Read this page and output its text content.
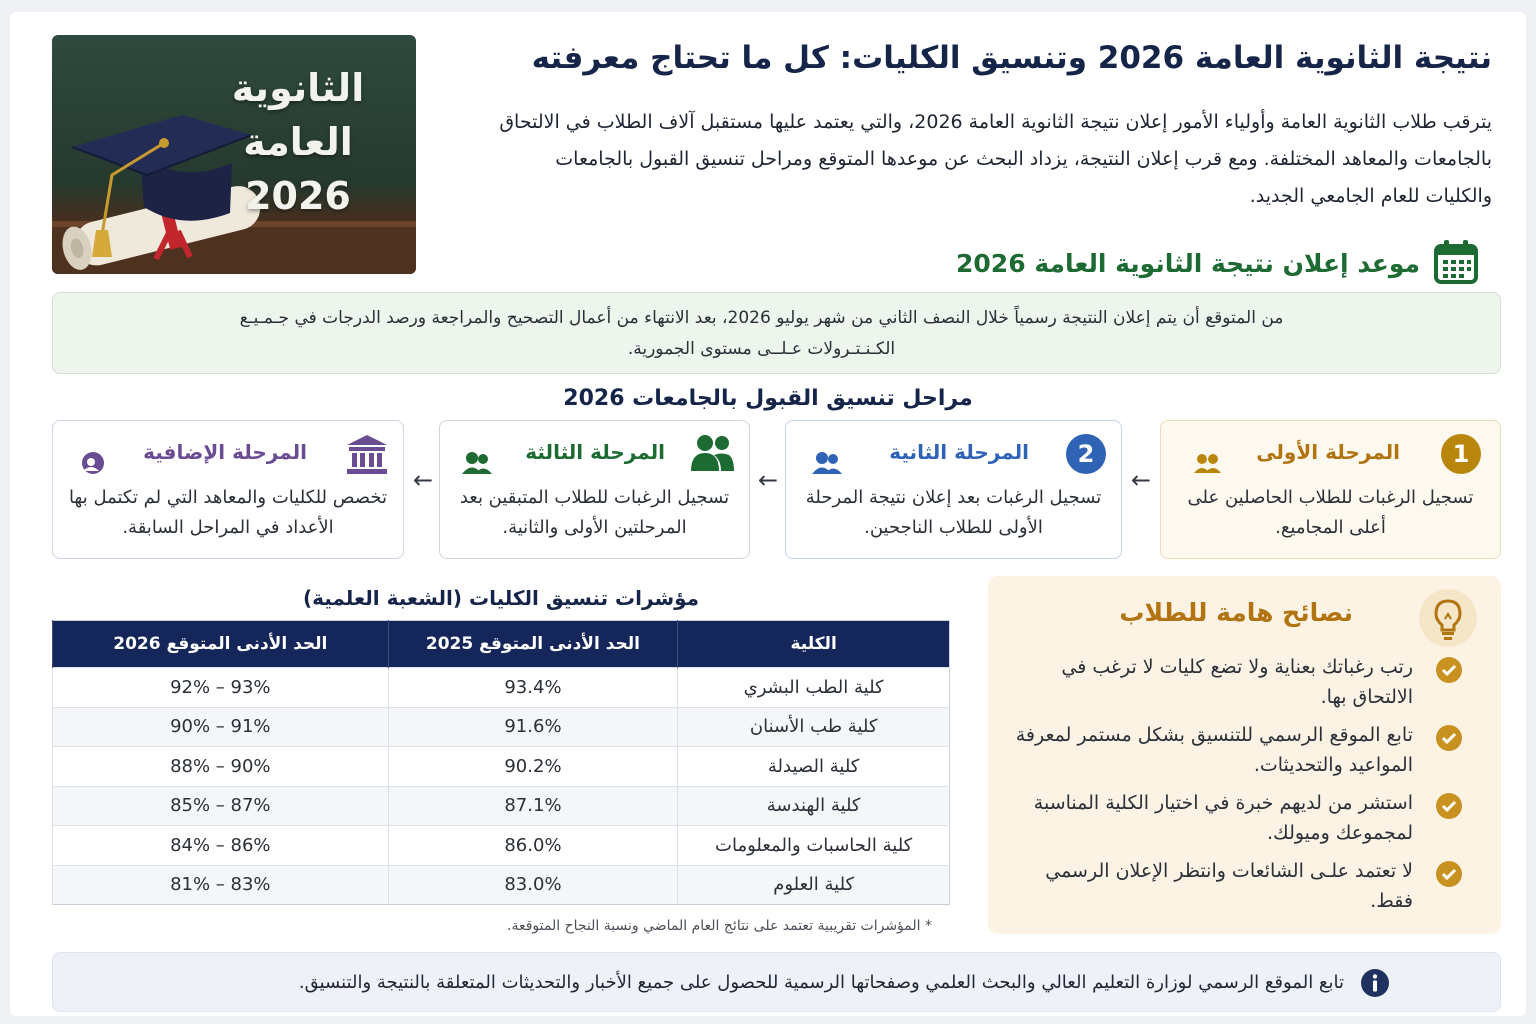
الثانوية
العامة
2026
نتيجة الثانوية العامة 2026 وتنسيق الكليات: كل ما تحتاج معرفته

يترقب طلاب الثانوية العامة وأولياء الأمور إعلان نتيجة الثانوية العامة 2026، والتي يعتمد عليها مستقبل آلاف الطلاب في الالتحاق بالجامعات والمعاهد المختلفة. ومع قرب إعلان النتيجة، يزداد البحث عن موعدها المتوقع ومراحل تنسيق القبول بالجامعات والكليات للعام الجامعي الجديد.

موعد إعلان نتيجة الثانوية العامة 2026
من المتوقع أن يتم إعلان النتيجة رسمياً خلال النصف الثاني من شهر يوليو 2026، بعد الانتهاء من أعمال التصحيح والمراجعة ورصد الدرجات في جـمـيـع الكـنـتـرولات عـلــى مستوى الجمورية.
مراحل تنسيق القبول بالجامعات 2026
1
المرحلة الأولى
تسجيل الرغبات للطلاب الحاصلين على أعلى المجاميع.
←
2
المرحلة الثانية
تسجيل الرغبات بعد إعلان نتيجة المرحلة الأولى للطلاب الناجحين.
←
المرحلة الثالثة
تسجيل الرغبات للطلاب المتبقين بعد المرحلتين الأولى والثانية.
←
المرحلة الإضافية
تخصص للكليات والمعاهد التي لم تكتمل بها الأعداد في المراحل السابقة.
مؤشرات تنسيق الكليات (الشعبة العلمية)
الكلية	الحد الأدنى المتوقع 2025	الحد الأدنى المتوقع 2026
كلية الطب البشري	93.4%	92% – 93%
كلية طب الأسنان	91.6%	90% – 91%
كلية الصيدلة	90.2%	88% – 90%
كلية الهندسة	87.1%	85% – 87%
كلية الحاسبات والمعلومات	86.0%	84% – 86%
كلية العلوم	83.0%	81% – 83%

* المؤشرات تقريبية تعتمد على نتائج العام الماضي ونسبة النجاح المتوقعة.

نصائح هامة للطلاب

رتب رغباتك بعناية ولا تضع كليات لا ترغب في الالتحاق بها.

تابع الموقع الرسمي للتنسيق بشكل مستمر لمعرفة المواعيد والتحديثات.

استشر من لديهم خبرة في اختيار الكلية المناسبة لمجموعك وميولك.

لا تعتمد علـى الشائعات وانتظر الإعلان الرسمي فقط.

تابع الموقع الرسمي لوزارة التعليم العالي والبحث العلمي وصفحاتها الرسمية للحصول على جميع الأخبار والتحديثات المتعلقة بالنتيجة والتنسيق.
